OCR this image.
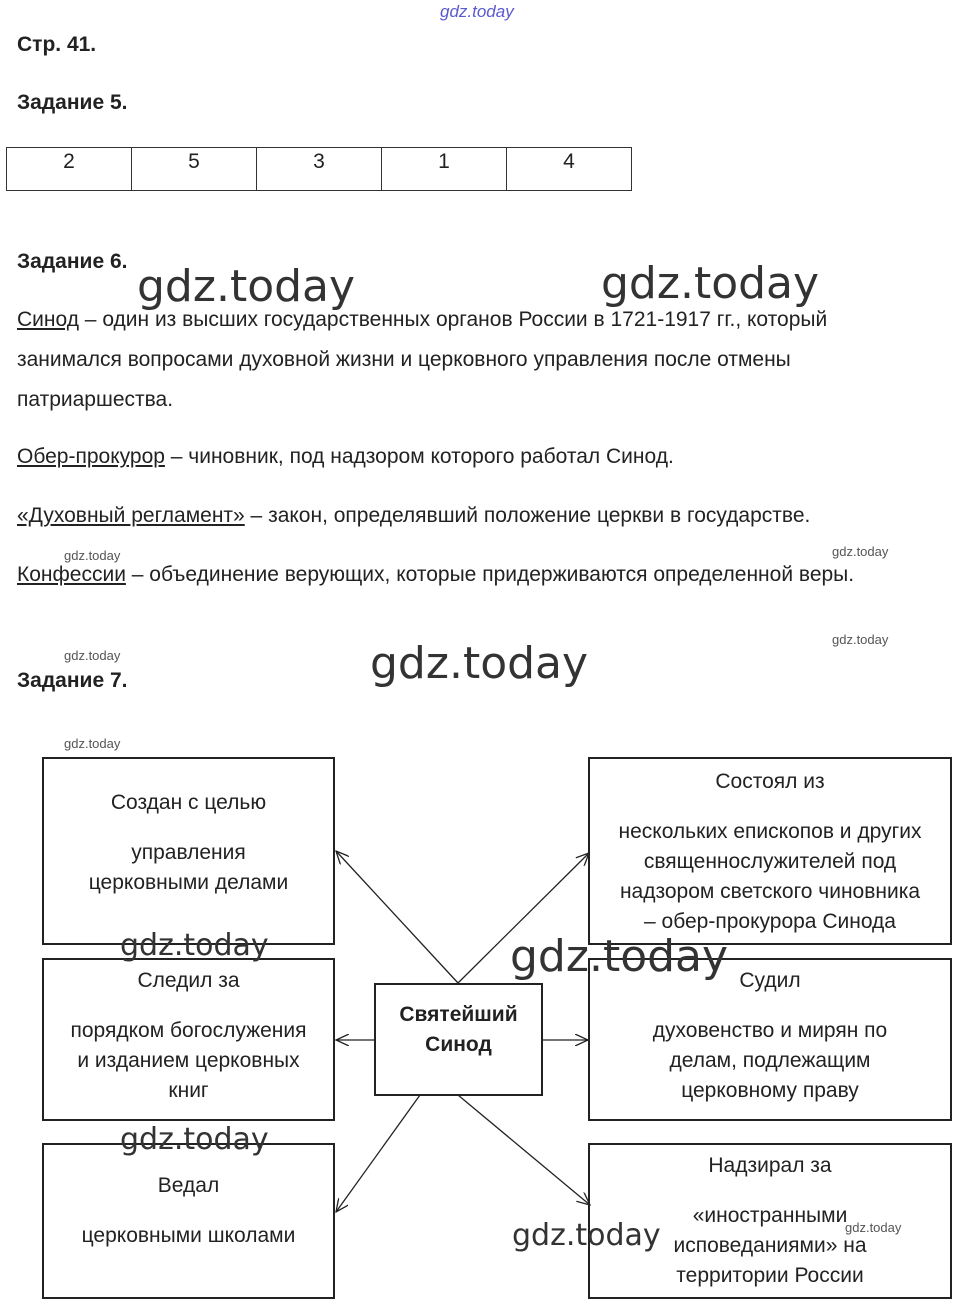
gdz.today
Стр. 41.
Задание 5.
2	5	3	1	4
Задание 6.
Синод – один из высших государственных органов России в 1721-1917 гг., который занимался вопросами духовной жизни и церковного управления после отмены патриаршества.
Обер-прокурор – чиновник, под надзором которого работал Синод.
«Духовный регламент» – закон, определявший положение церкви в государстве.
Конфессии – объединение верующих, которые придерживаются определенной веры.
Задание 7.
Создан с целью
управления
церковными делами
Следил за
порядком богослужения
и изданием церковных
книг
Ведал
церковными школами
Святейший
Синод
Состоял из
нескольких епископов и других
священнослужителей под
надзором светского чиновника
– обер-прокурора Синода
Судил
духовенство и мирян по
делам, подлежащим
церковному праву
Надзирал за
«иностранными
исповеданиями» на
территории России
gdz.today	gdz.today
gdz.today
gdz.today
gdz.today
gdz.today
gdz.today
gdz.today	gdz.today
gdz.today
gdz.today
gdz.today
gdz.today
